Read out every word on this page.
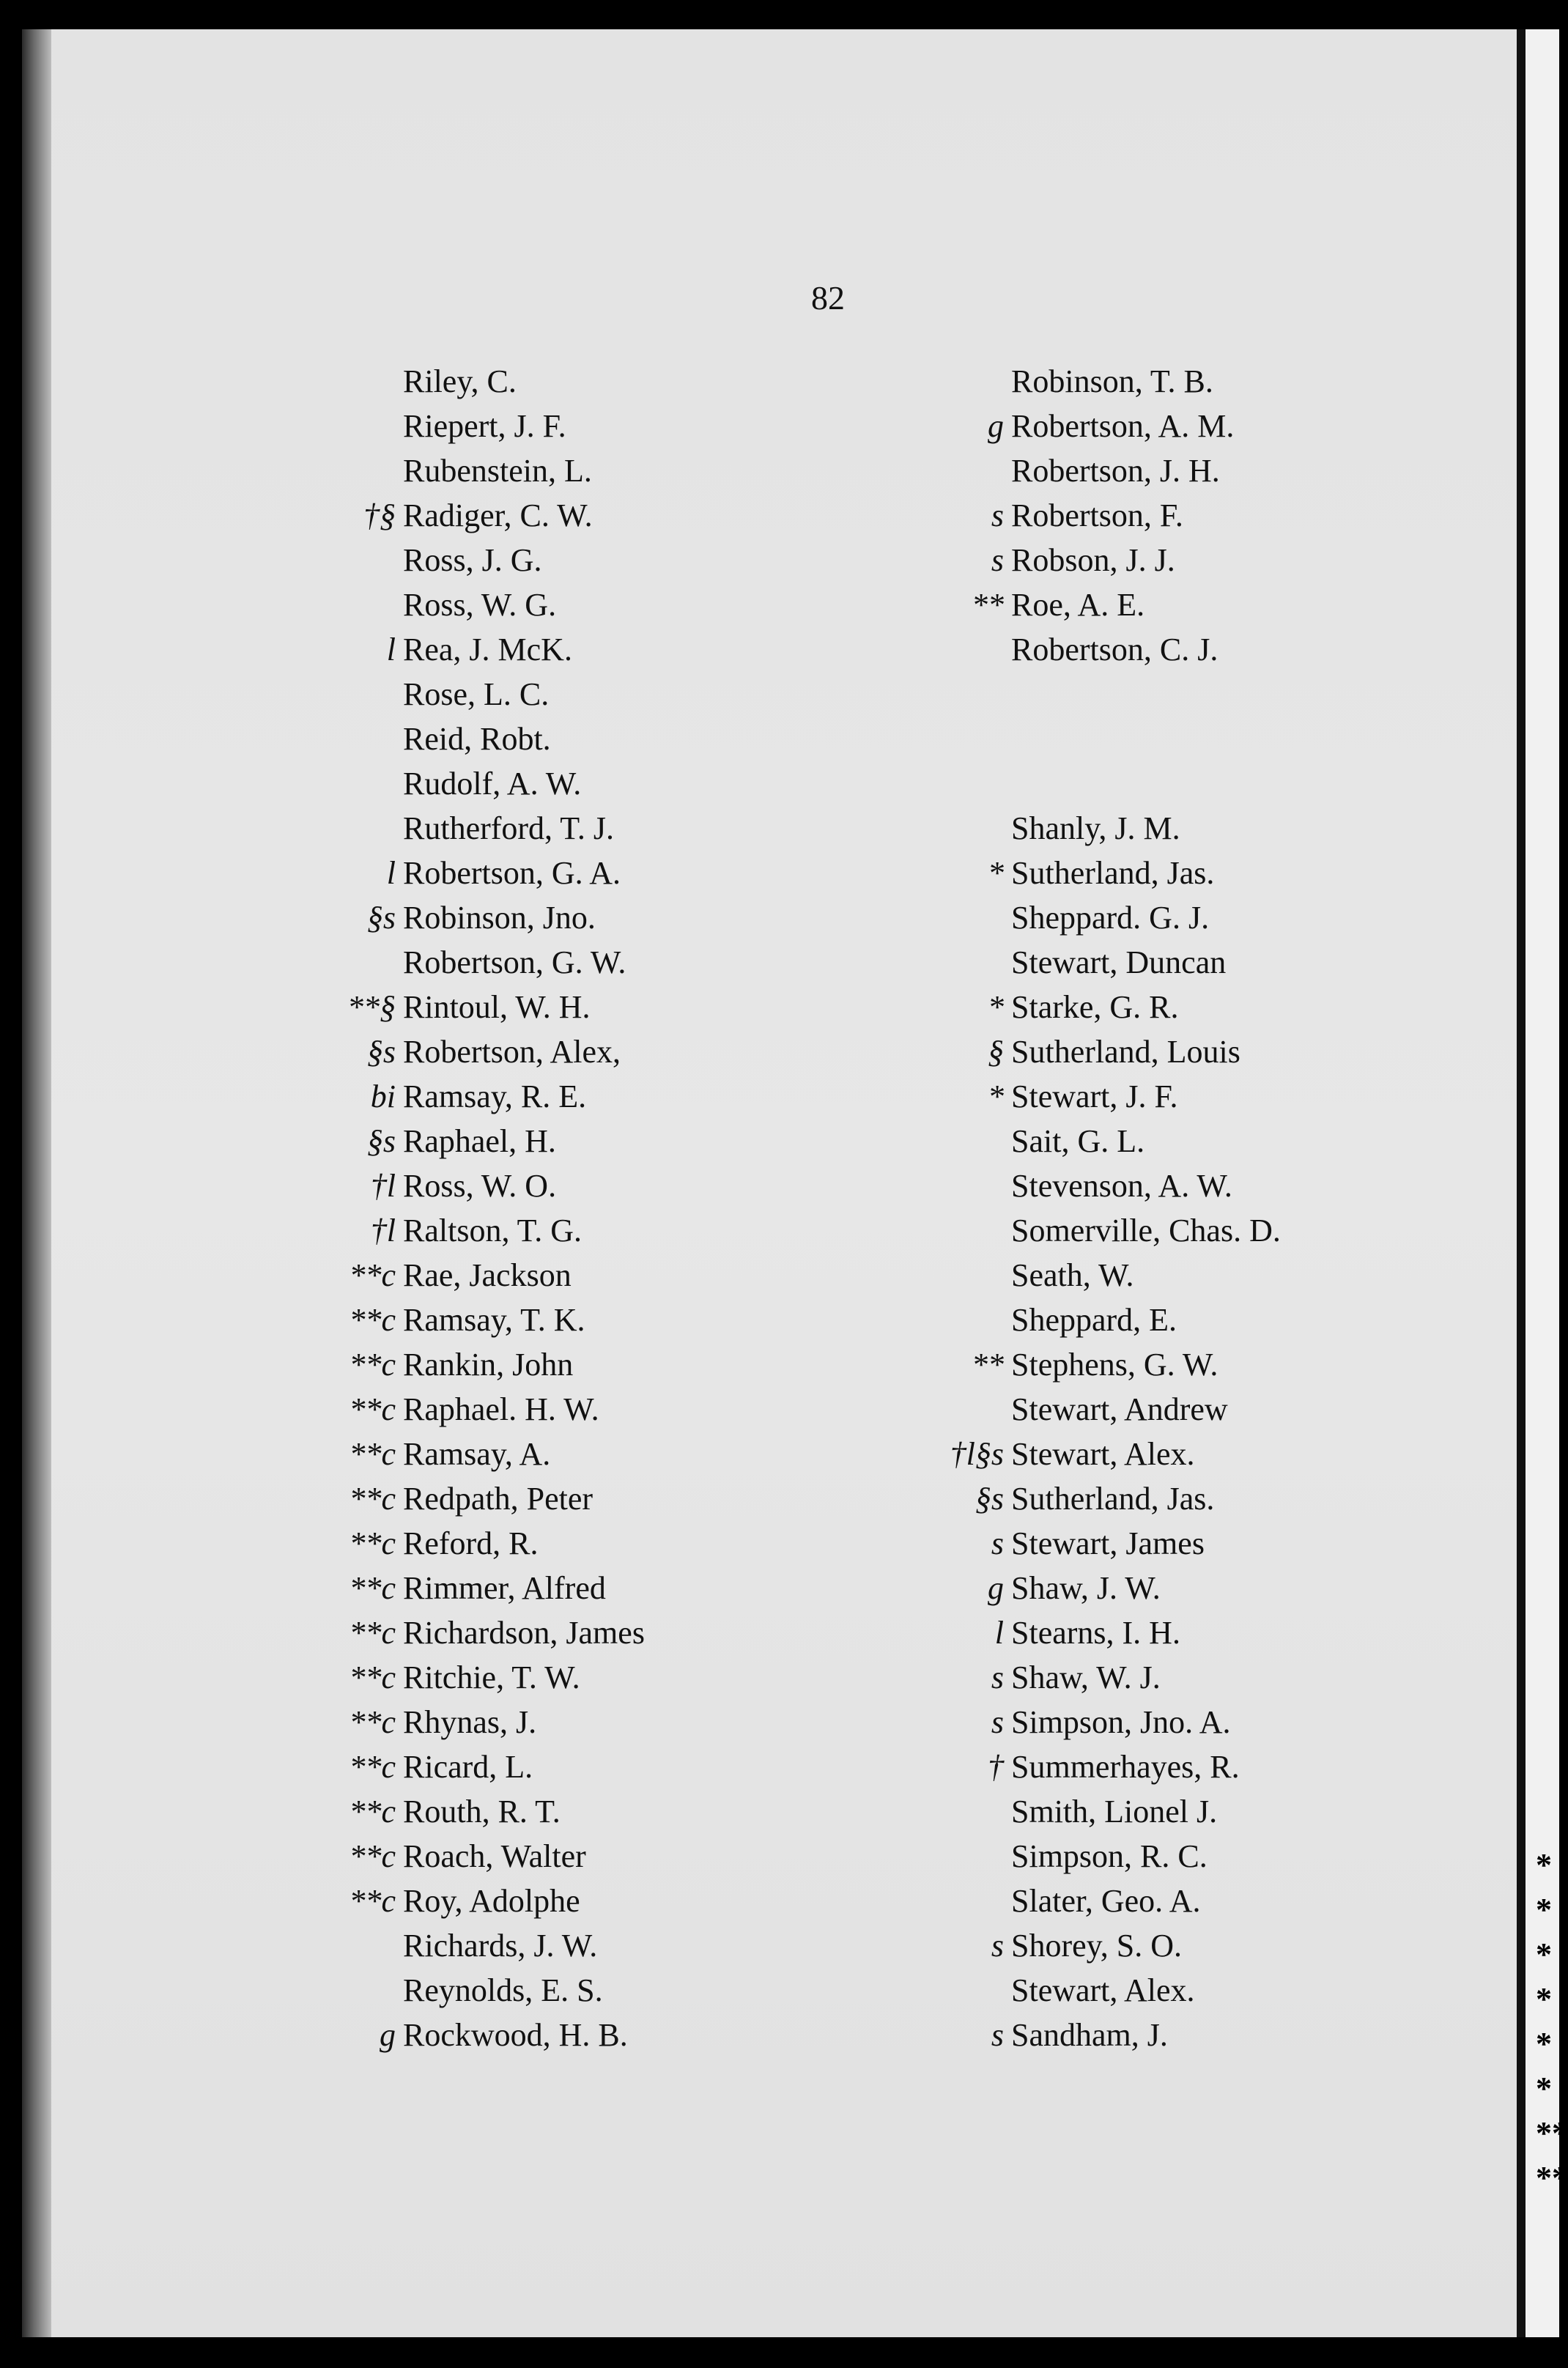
*
*
*
*
*
*
**
**
82
Riley, C.
Riepert, J. F.
Rubenstein, L.
†§ Radiger, C. W.
Ross, J. G.
Ross, W. G.
l Rea, J. McK.
Rose, L. C.
Reid, Robt.
Rudolf, A. W.
Rutherford, T. J.
l Robertson, G. A.
§s Robinson, Jno.
Robertson, G. W.
**§ Rintoul, W. H.
§s Robertson, Alex,
bi Ramsay, R. E.
§s Raphael, H.
†l Ross, W. O.
†l Raltson, T. G.
**c Rae, Jackson
**c Ramsay, T. K.
**c Rankin, John
**c Raphael. H. W.
**c Ramsay, A.
**c Redpath, Peter
**c Reford, R.
**c Rimmer, Alfred
**c Richardson, James
**c Ritchie, T. W.
**c Rhynas, J.
**c Ricard, L.
**c Routh, R. T.
**c Roach, Walter
**c Roy, Adolphe
Richards, J. W.
Reynolds, E. S.
g Rockwood, H. B.
Robinson, T. B.
g Robertson, A. M.
Robertson, J. H.
s Robertson, F.
s Robson, J. J.
** Roe, A. E.
Robertson, C. J.
Shanly, J. M.
* Sutherland, Jas.
Sheppard. G. J.
Stewart, Duncan
* Starke, G. R.
§ Sutherland, Louis
* Stewart, J. F.
Sait, G. L.
Stevenson, A. W.
Somerville, Chas. D.
Seath, W.
Sheppard, E.
** Stephens, G. W.
Stewart, Andrew
†l§s Stewart, Alex.
§s Sutherland, Jas.
s Stewart, James
g Shaw, J. W.
l Stearns, I. H.
s Shaw, W. J.
s Simpson, Jno. A.
† Summerhayes, R.
Smith, Lionel J.
Simpson, R. C.
Slater, Geo. A.
s Shorey, S. O.
Stewart, Alex.
s Sandham, J.
